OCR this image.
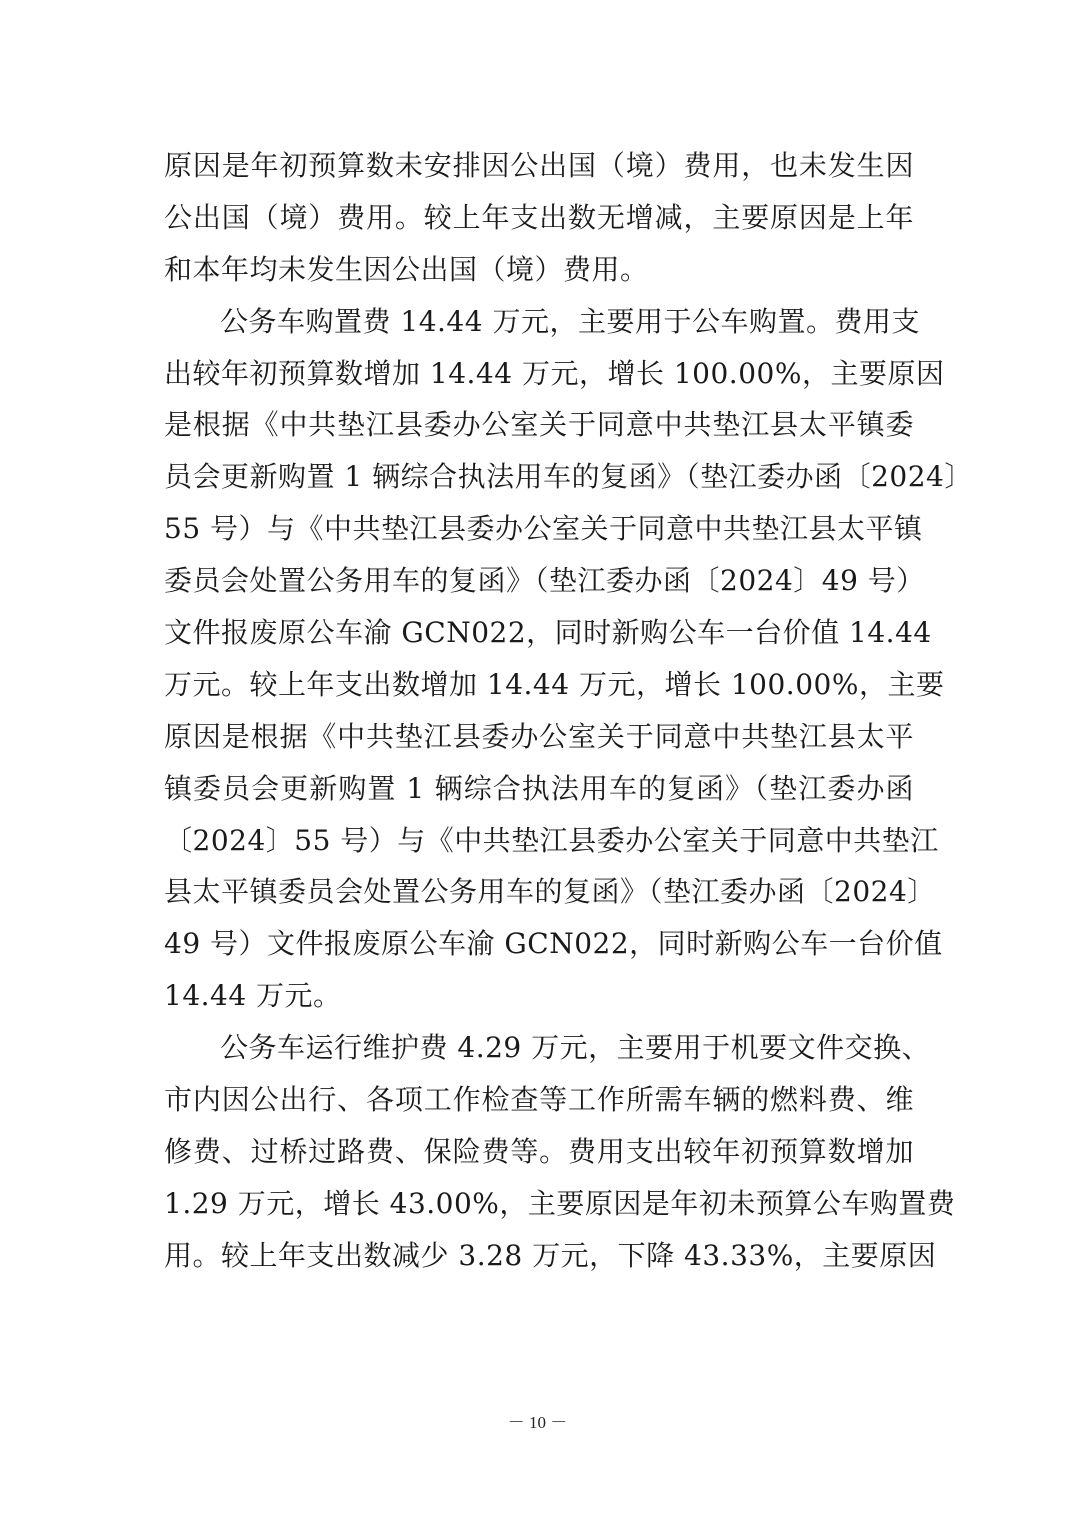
原因是年初预算数未安排因公出国（境）费用，也未发生因
公出国（境）费用。较上年支出数无增减，主要原因是上年
和本年均未发生因公出国（境）费用。
公务车购置费 14.44 万元，主要用于公车购置。费用支
出较年初预算数增加 14.44 万元，增长 100.00%，主要原因
是根据《中共垫江县委办公室关于同意中共垫江县太平镇委
员会更新购置 1 辆综合执法用车的复函》（垫江委办函〔2024〕
55 号）与《中共垫江县委办公室关于同意中共垫江县太平镇
委员会处置公务用车的复函》（垫江委办函〔2024〕49 号）
文件报废原公车渝 GCN022，同时新购公车一台价值 14.44
万元。较上年支出数增加 14.44 万元，增长 100.00%，主要
原因是根据《中共垫江县委办公室关于同意中共垫江县太平
镇委员会更新购置 1 辆综合执法用车的复函》（垫江委办函
〔2024〕55 号）与《中共垫江县委办公室关于同意中共垫江
县太平镇委员会处置公务用车的复函》（垫江委办函〔2024〕
49 号）文件报废原公车渝 GCN022，同时新购公车一台价值
14.44 万元。
公务车运行维护费 4.29 万元，主要用于机要文件交换、
市内因公出行、各项工作检查等工作所需车辆的燃料费、维
修费、过桥过路费、保险费等。费用支出较年初预算数增加
1.29 万元，增长 43.00%，主要原因是年初未预算公车购置费
用。较上年支出数减少 3.28 万元，下降 43.33%，主要原因
－ 10 －
